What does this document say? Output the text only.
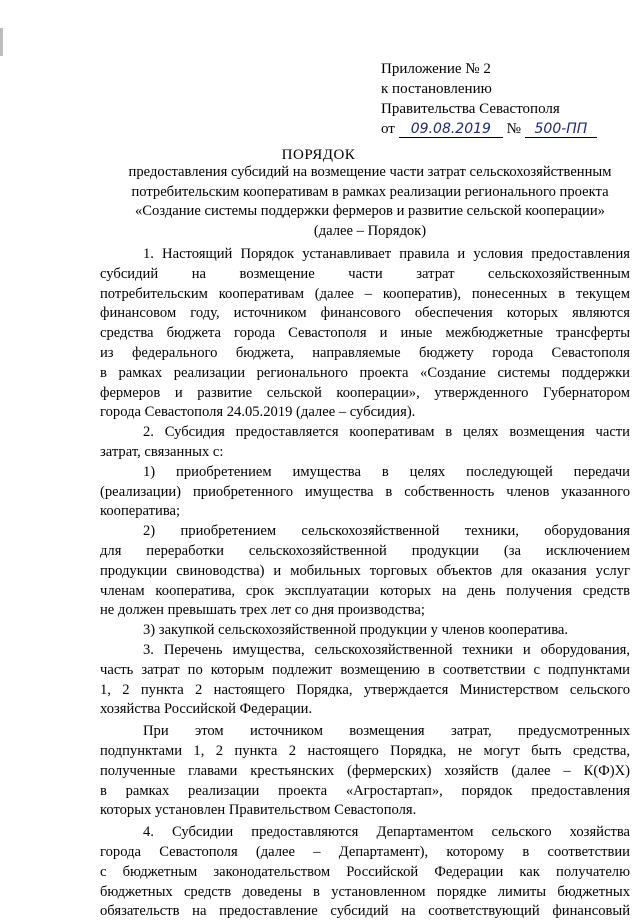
Приложение № 2
к постановлению
Правительства Севастополя
от 09.08.2019 № 500-ПП
ПОРЯДОК
предоставления субсидий на возмещение части затрат сельскохозяйственным
потребительским кооперативам в рамках реализации регионального проекта
«Создание системы поддержки фермеров и развитие сельской кооперации»
(далее – Порядок)
1. Настоящий Порядок устанавливает правила и условия предоставления
субсидий на возмещение части затрат сельскохозяйственным
потребительским кооперативам (далее – кооператив), понесенных в текущем
финансовом году, источником финансового обеспечения которых являются
средства бюджета города Севастополя и иные межбюджетные трансферты
из федерального бюджета, направляемые бюджету города Севастополя
в рамках реализации регионального проекта «Создание системы поддержки
фермеров и развитие сельской кооперации», утвержденного Губернатором
города Севастополя 24.05.2019 (далее – субсидия).
2. Субсидия предоставляется кооперативам в целях возмещения части
затрат, связанных с:
1) приобретением имущества в целях последующей передачи
(реализации) приобретенного имущества в собственность членов указанного
кооператива;
2) приобретением сельскохозяйственной техники, оборудования
для переработки сельскохозяйственной продукции (за исключением
продукции свиноводства) и мобильных торговых объектов для оказания услуг
членам кооператива, срок эксплуатации которых на день получения средств
не должен превышать трех лет со дня производства;
3) закупкой сельскохозяйственной продукции у членов кооператива.
3. Перечень имущества, сельскохозяйственной техники и оборудования,
часть затрат по которым подлежит возмещению в соответствии с подпунктами
1, 2 пункта 2 настоящего Порядка, утверждается Министерством сельского
хозяйства Российской Федерации.
При этом источником возмещения затрат, предусмотренных
подпунктами 1, 2 пункта 2 настоящего Порядка, не могут быть средства,
полученные главами крестьянских (фермерских) хозяйств (далее – К(Ф)Х)
в рамках реализации проекта «Агростартап», порядок предоставления
которых установлен Правительством Севастополя.
4. Субсидии предоставляются Департаментом сельского хозяйства
города Севастополя (далее – Департамент), которому в соответствии
с бюджетным законодательством Российской Федерации как получателю
бюджетных средств доведены в установленном порядке лимиты бюджетных
обязательств на предоставление субсидий на соответствующий финансовый
